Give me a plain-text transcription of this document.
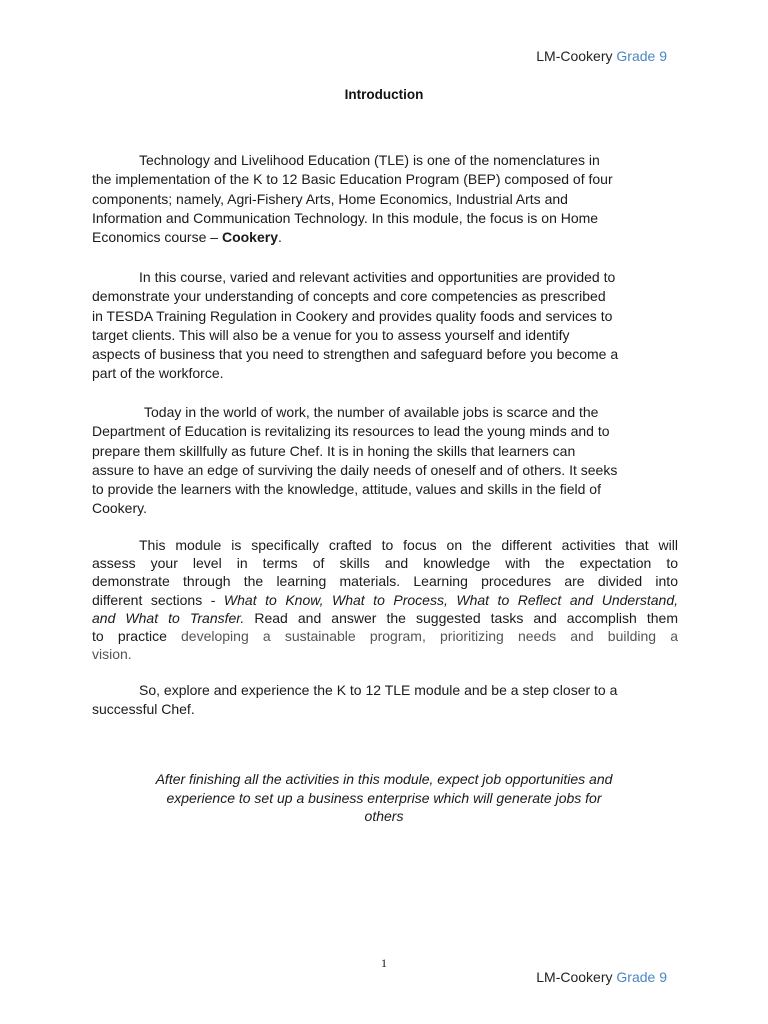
LM-Cookery Grade 9
Introduction
Technology and Livelihood Education (TLE) is one of the nomenclatures in
the implementation of the K to 12 Basic Education Program (BEP) composed of four
components; namely, Agri-Fishery Arts, Home Economics, Industrial Arts and
Information and Communication Technology. In this module, the focus is on Home
Economics course – Cookery.
In this course, varied and relevant activities and opportunities are provided to
demonstrate your understanding of concepts and core competencies as prescribed
in TESDA Training Regulation in Cookery and provides quality foods and services to
target clients. This will also be a venue for you to assess yourself and identify
aspects of business that you need to strengthen and safeguard before you become a
part of the workforce.
Today in the world of work, the number of available jobs is scarce and the
Department of Education is revitalizing its resources to lead the young minds and to
prepare them skillfully as future Chef. It is in honing the skills that learners can
assure to have an edge of surviving the daily needs of oneself and of others. It seeks
to provide the learners with the knowledge, attitude, values and skills in the field of
Cookery.
This module is specifically crafted to focus on the different activities that will
assess your level in terms of skills and knowledge with the expectation to
demonstrate through the learning materials. Learning procedures are divided into
different sections - What to Know, What to Process, What to Reflect and Understand,
and What to Transfer. Read and answer the suggested tasks and accomplish them
to practice developing a sustainable program, prioritizing needs and building a
vision.
So, explore and experience the K to 12 TLE module and be a step closer to a
successful Chef.
After finishing all the activities in this module, expect job opportunities and
experience to set up a business enterprise which will generate jobs for
others
1
LM-Cookery Grade 9
